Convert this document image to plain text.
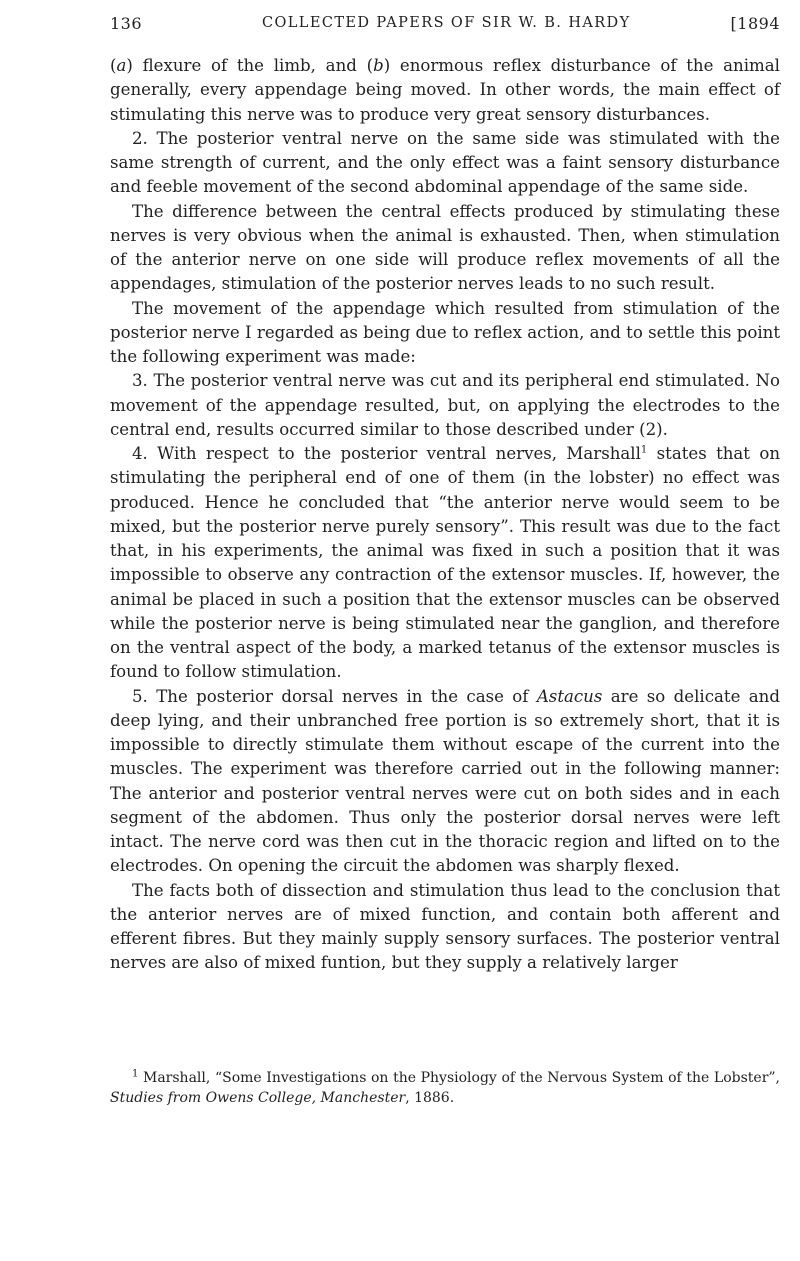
136	COLLECTED PAPERS OF SIR W. B. HARDY	[1894

(a) flexure of the limb, and (b) enormous reflex disturbance of the animal generally, every appendage being moved. In other words, the main effect of stimulating this nerve was to produce very great sensory disturbances.

2. The posterior ventral nerve on the same side was stimulated with the same strength of current, and the only effect was a faint sensory disturbance and feeble movement of the second abdominal appendage of the same side.

The difference between the central effects produced by stimulating these nerves is very obvious when the animal is exhausted. Then, when stimulation of the anterior nerve on one side will produce reflex movements of all the appendages, stimulation of the posterior nerves leads to no such result.

The movement of the appendage which resulted from stimulation of the posterior nerve I regarded as being due to reflex action, and to settle this point the following experiment was made:

3. The posterior ventral nerve was cut and its peripheral end stimulated. No movement of the appendage resulted, but, on applying the electrodes to the central end, results occurred similar to those described under (2).

4. With respect to the posterior ventral nerves, Marshall$^1$ states that on stimulating the peripheral end of one of them (in the lobster) no effect was produced. Hence he concluded that “the anterior nerve would seem to be mixed, but the posterior nerve purely sensory”. This result was due to the fact that, in his experiments, the animal was fixed in such a position that it was impossible to observe any contraction of the extensor muscles. If, however, the animal be placed in such a position that the extensor muscles can be observed while the posterior nerve is being stimulated near the ganglion, and therefore on the ventral aspect of the body, a marked tetanus of the extensor muscles is found to follow stimulation.

5. The posterior dorsal nerves in the case of Astacus are so delicate and deep lying, and their unbranched free portion is so extremely short, that it is impossible to directly stimulate them without escape of the current into the muscles. The experiment was therefore carried out in the following manner: The anterior and posterior ventral nerves were cut on both sides and in each segment of the abdomen. Thus only the posterior dorsal nerves were left intact. The nerve cord was then cut in the thoracic region and lifted on to the electrodes. On opening the circuit the abdomen was sharply flexed.

The facts both of dissection and stimulation thus lead to the conclusion that the anterior nerves are of mixed function, and contain both afferent and efferent fibres. But they mainly supply sensory surfaces. The posterior ventral nerves are also of mixed funtion, but they supply a relatively larger

$^1$ Marshall, “Some Investigations on the Physiology of the Nervous System of the Lobster”, Studies from Owens College, Manchester, 1886.
